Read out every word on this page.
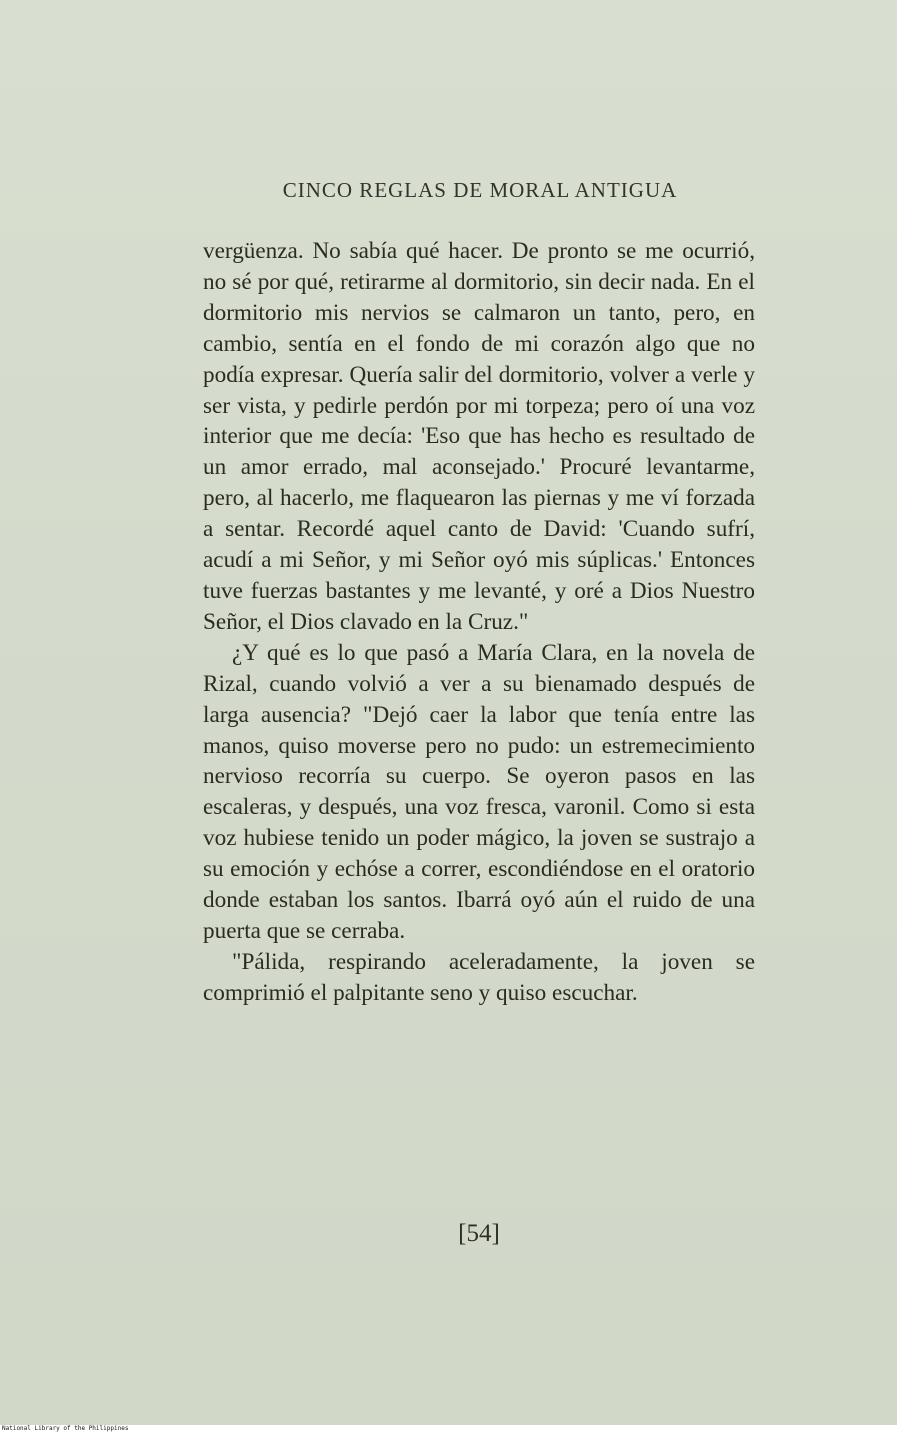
CINCO REGLAS DE MORAL ANTIGUA

vergüenza. No sabía qué hacer. De pronto se me ocurrió, no sé por qué, retirarme al dormitorio, sin decir nada. En el dormitorio mis nervios se calmaron un tanto, pero, en cambio, sentía en el fondo de mi corazón algo que no podía expresar. Quería salir del dormitorio, volver a verle y ser vista, y pedirle perdón por mi torpeza; pero oí una voz interior que me decía: 'Eso que has hecho es resultado de un amor errado, mal aconsejado.' Procuré levantarme, pero, al hacerlo, me flaquearon las piernas y me ví forzada a sentar. Recordé aquel canto de David: 'Cuando sufrí, acudí a mi Señor, y mi Señor oyó mis súplicas.' Entonces tuve fuerzas bastantes y me levanté, y oré a Dios Nuestro Señor, el Dios clavado en la Cruz."

¿Y qué es lo que pasó a María Clara, en la novela de Rizal, cuando volvió a ver a su bienamado después de larga ausencia? "Dejó caer la labor que tenía entre las manos, quiso moverse pero no pudo: un estremecimiento nervioso recorría su cuerpo. Se oyeron pasos en las escaleras, y después, una voz fresca, varonil. Como si esta voz hubiese tenido un poder mágico, la joven se sustrajo a su emoción y echóse a correr, escondiéndose en el oratorio donde estaban los santos. Ibarrá oyó aún el ruido de una puerta que se cerraba.

"Pálida, respirando aceleradamente, la joven se comprimió el palpitante seno y quiso escuchar.

[54]
National Library of the Philippines
